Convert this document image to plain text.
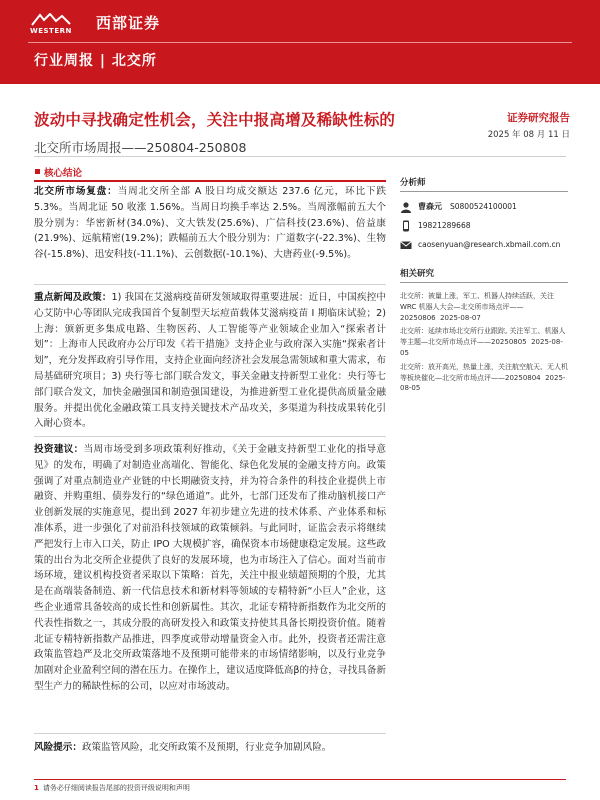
WESTERN 西部证券
行业周报 | 北交所
波动中寻找确定性机会，关注中报高增及稀缺性标的	证券研究报告
2025 年 08 月 11 日
北交所市场周报——250804-250808
核心结论

北交所市场复盘：当周北交所全部 A 股日均成交额达 237.6 亿元，环比下跌 5.3%。当周北证 50 收涨 1.56%。当周日均换手率达 2.5%。当周涨幅前五大个股分别为：华密新材(34.0%)、文大铁发(25.6%)、广信科技(23.6%)、倍益康(21.9%)、远航精密(19.2%)；跌幅前五大个股分别为：广道数字(-22.3%)、生物谷(-15.8%)、迅安科技(-11.1%)、云创数据(-10.1%)、大唐药业(-9.5%)。

重点新闻及政策：1) 我国在艾滋病疫苗研发领域取得重要进展：近日，中国疾控中心艾防中心等团队完成我国首个复制型天坛痘苗载体艾滋病疫苗 I 期临床试验；2) 上海：颁新更多集成电路、生物医药、人工智能等产业领域企业加入“探索者计划”：上海市人民政府办公厅印发《若干措施》支持企业与政府深入实施“探索者计划”，充分发挥政府引导作用，支持企业面向经济社会发展急需领域和重大需求，布局基础研究项目；3) 央行等七部门联合发文，事关金融支持新型工业化：央行等七部门联合发文，加快金融强国和制造强国建设，为推进新型工业化提供高质量金融服务。并提出优化金融政策工具支持关键技术产品攻关，多渠道为科技成果转化引入耐心资本。

投资建议：当周市场受到多项政策利好推动，《关于金融支持新型工业化的指导意见》的发布，明确了对制造业高端化、智能化、绿色化发展的金融支持方向。政策强调了对重点制造业产业链的中长期融资支持，并为符合条件的科技企业提供上市融资、并购重组、债券发行的“绿色通道”。此外，七部门还发布了推动脑机接口产业创新发展的实施意见，提出到 2027 年初步建立先进的技术体系、产业体系和标准体系，进一步强化了对前沿科技领域的政策倾斜。与此同时，证监会表示将继续严把发行上市入口关，防止 IPO 大规模扩容，确保资本市场健康稳定发展。这些政策的出台为北交所企业提供了良好的发展环境，也为市场注入了信心。面对当前市场环境，建议机构投资者采取以下策略：首先，关注中报业绩超预期的个股，尤其是在高端装备制造、新一代信息技术和新材料等领域的专精特新“小巨人”企业，这些企业通常具备较高的成长性和创新属性。其次，北证专精特新指数作为北交所的代表性指数之一，其成分股的高研发投入和政策支持使其具备长期投资价值。随着北证专精特新指数产品推进，四季度或带动增量资金入市。此外，投资者还需注意政策监管趋严及北交所政策落地不及预期可能带来的市场情绪影响，以及行业竞争加剧对企业盈利空间的潜在压力。在操作上，建议适度降低高β的持仓，寻找具备新型生产力的稀缺性标的公司，以应对市场波动。

风险提示：政策监管风险，北交所政策不及预期，行业竞争加剧风险。

分析师
曹森元 S0800524100001
19821289668
caosenyuan@research.xbmail.com.cn
相关研究
北交所：被量上涨，军工、机器人持续活跃，关注 WRC 机器人大会—北交所市场点评——20250806 2025-08-07
北交所：延续市场北交所行业跟踪, 关注军工、机器人等主题—北交所市场点评——20250805 2025-08-05
北交所：放开高光，热量上涨，关注航空航天、无人机等板块催化—北交所市场点评——20250804 2025-08-05
1 请务必仔细阅读报告尾部的投资评级说明和声明
